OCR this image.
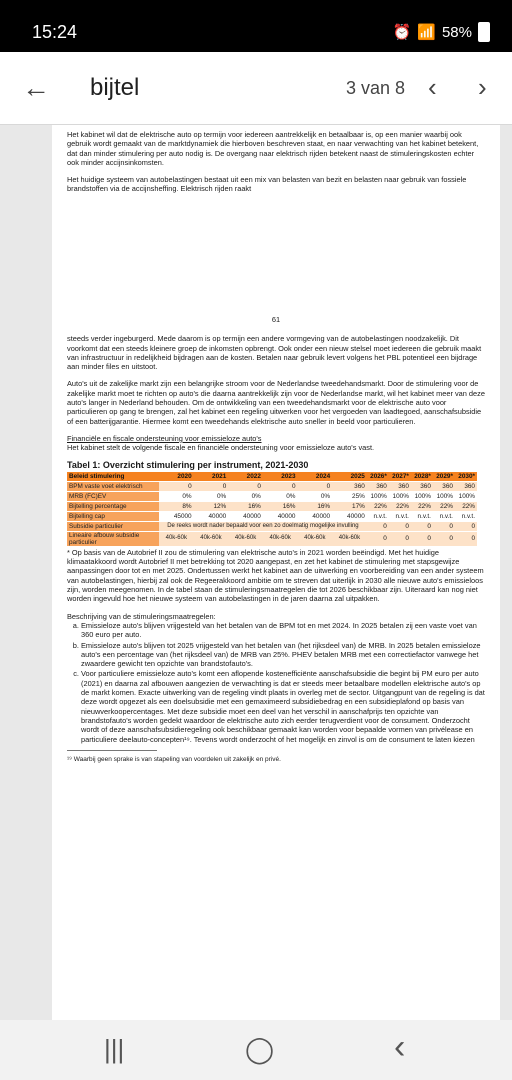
15:24	⏰ 📶 58%
← bijtel	3 van 8 ‹ ›

Het kabinet wil dat de elektrische auto op termijn voor iedereen aantrekkelijk en betaalbaar is, op een manier waarbij ook gebruik wordt gemaakt van de marktdynamiek die hierboven beschreven staat, en naar verwachting van het kabinet betekent, dat dan minder stimulering per auto nodig is. De overgang naar elektrisch rijden betekent naast de stimuleringskosten echter ook minder accijnsinkomsten.

Het huidige systeem van autobelastingen bestaat uit een mix van belasten van bezit en belasten naar gebruik van fossiele brandstoffen via de accijnsheffing. Elektrisch rijden raakt

61

steeds verder ingeburgerd. Mede daarom is op termijn een andere vormgeving van de autobelastingen noodzakelijk. Dit voorkomt dat een steeds kleinere groep de inkomsten opbrengt. Ook onder een nieuw stelsel moet iedereen die gebruik maakt van infrastructuur in redelijkheid bijdragen aan de kosten. Betalen naar gebruik levert volgens het PBL potentieel een bijdrage aan minder files en uitstoot.

Auto's uit de zakelijke markt zijn een belangrijke stroom voor de Nederlandse tweedehandsmarkt. Door de stimulering voor de zakelijke markt moet te richten op auto's die daarna aantrekkelijk zijn voor de Nederlandse markt, wil het kabinet meer van deze auto's langer in Nederland behouden. Om de ontwikkeling van een tweedehandsmarkt voor de elektrische auto voor particulieren op gang te brengen, zal het kabinet een regeling uitwerken voor het vergoeden van laadtegoed, aanschafsubsidie of een batterijgarantie. Hiermee komt een tweedehands elektrische auto sneller in beeld voor particulieren.

Financiële en fiscale ondersteuning voor emissieloze auto's

Het kabinet stelt de volgende fiscale en financiële ondersteuning voor emissieloze auto's vast.

Tabel 1: Overzicht stimulering per instrument, 2021-2030
Beleid stimulering	2020	2021	2022	2023	2024	2025	2026*	2027*	2028*	2029*	2030*
BPM vaste voet elektrisch	0	0	0	0	0	360	360	360	360	360	360
MRB (FC)EV	0%	0%	0%	0%	0%	25%	100%	100%	100%	100%	100%
Bijtelling percentage	8%	12%	16%	16%	16%	17%	22%	22%	22%	22%	22%
Bijtelling cap	45000	40000	40000	40000	40000	40000	n.v.t.	n.v.t.	n.v.t.	n.v.t.	n.v.t.
Subsidie particulier	De reeks wordt nader bepaald voor een zo doelmatig mogelijke invulling						0	0	0	0	0
Lineaire afbouw subsidie particulier	40k-60k	40k-60k	40k-60k	40k-60k	40k-60k	40k-60k	0	0	0	0	0

* Op basis van de Autobrief II zou de stimulering van elektrische auto's in 2021 worden beëindigd. Met het huidige klimaatakkoord wordt Autobrief II met betrekking tot 2020 aangepast, en zet het kabinet de stimulering met stapsgewijze aanpassingen door tot en met 2025. Ondertussen werkt het kabinet aan de uitwerking en voorbereiding van een ander systeem van autobelastingen, hierbij zal ook de Regeerakkoord ambitie om te streven dat uiterlijk in 2030 alle nieuwe auto's emissieloos zijn, worden meegenomen. In de tabel staan de stimuleringsmaatregelen die tot 2026 beschikbaar zijn. Uiteraard kan nog niet worden ingevuld hoe het nieuwe systeem van autobelastingen in de jaren daarna zal uitpakken.

Beschrijving van de stimuleringsmaatregelen:
a. Emissieloze auto's blijven vrijgesteld van het betalen van de BPM tot en met 2024. In 2025 betalen zij een vaste voet van 360 euro per auto.
b. Emissieloze auto's blijven tot 2025 vrijgesteld van het betalen van (het rijksdeel van) de MRB. In 2025 betalen emissieloze auto's een percentage van (het rijksdeel van) de MRB van 25%. PHEV betalen MRB met een correctiefactor vanwege het zwaardere gewicht ten opzichte van brandstofauto's.
c. Voor particuliere emissieloze auto's komt een aflopende kostenefficiënte aanschafsubsidie die begint bij PM euro per auto (2021) en daarna zal afbouwen aangezien de verwachting is dat er steeds meer betaalbare modellen elektrische auto's op de markt komen. Exacte uitwerking van de regeling vindt plaats in overleg met de sector. Uitgangpunt van de regeling is dat deze wordt opgezet als een doelsubsidie met een gemaximeerd subsidiebedrag en een subsidieplafond op basis van nieuwverkoopercentages. Met deze subsidie moet een deel van het verschil in aanschafprijs ten opzichte van brandstofauto's worden gedekt waardoor de elektrische auto zich eerder terugverdient voor de consument. Onderzocht wordt of deze aanschafsubsidieregeling ook beschikbaar gemaakt kan worden voor bepaalde vormen van privélease en particuliere deelauto-concepten¹⁹. Tevens wordt onderzocht of het mogelijk en zinvol is om de consument te laten kiezen
¹⁹ Waarbij geen sprake is van stapeling van voordelen uit zakelijk en privé.
|||	◯	‹
